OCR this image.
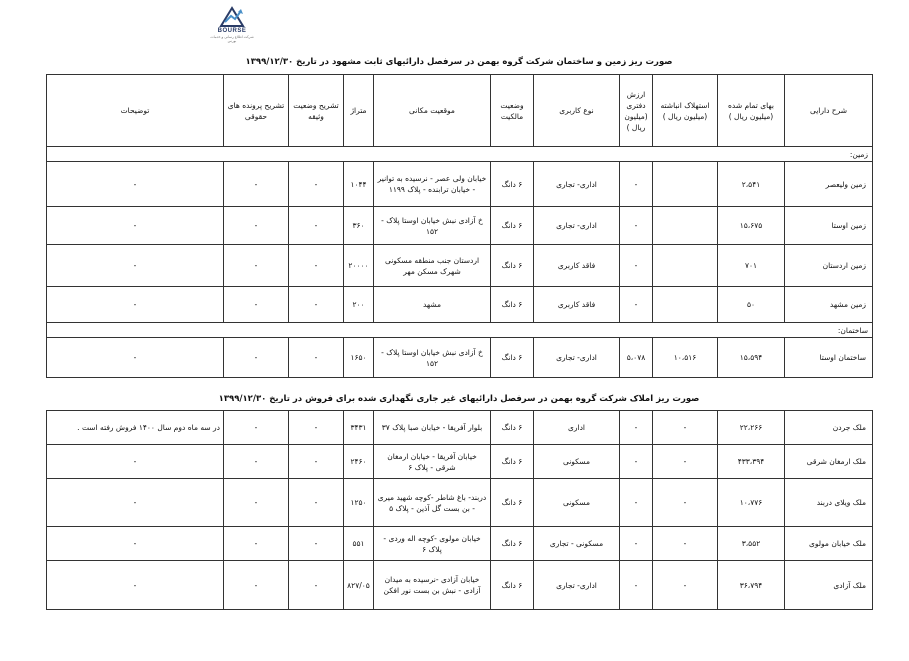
BOURSE
شرکت اطلاع رسانی و خدمات بورس
صورت ریز زمین و ساختمان شرکت گروه بهمن در سرفصل دارائیهای ثابت مشهود در تاریخ ۱۳۹۹/۱۲/۳۰
شرح دارایی	بهای تمام شده (میلیون ریال )	استهلاک انباشته (میلیون ریال )	ارزش دفتری (میلیون ریال )	نوع کاربری	وضعیت مالکیت	موقعیت مکانی	متراژ	تشریح وضعیت وثیقه	تشریح پرونده های حقوقی	توضیحات
زمین:										
زمین ولیعصر	۲،۵۴۱		-	اداری- تجاری	۶ دانگ	خیابان ولی عصر - نرسیده به توانیر - خیابان ترابنده - پلاک ۱۱۹۹	۱۰۴۴	-	-	-
زمین اوستا	۱۵،۶۷۵		-	اداری- تجاری	۶ دانگ	خ آزادی نبش خیابان اوستا پلاک - ۱۵۲	۳۶۰	-	-	-
زمین اردستان	۷۰۱		-	فاقد کاربری	۶ دانگ	اردستان جنب منطقه مسکونی شهرک مسکن مهر	۲۰۰۰۰	-	-	-
زمین مشهد	۵۰		-	فاقد کاربری	۶ دانگ	مشهد	۲۰۰	-	-	-
ساختمان:										
ساختمان اوستا	۱۵،۵۹۴	۱۰،۵۱۶	۵،۰۷۸	اداری- تجاری	۶ دانگ	خ آزادی نبش خیابان اوستا پلاک - ۱۵۲	۱۶۵۰	-	-	-
صورت ریز املاک شرکت گروه بهمن در سرفصل دارائیهای غیر جاری نگهداری شده برای فروش در تاریخ ۱۳۹۹/۱۲/۳۰
ملک جردن	۲۲،۲۶۶	-	-	اداری	۶ دانگ	بلوار آفریقا - خیابان صبا پلاک ۳۷	۳۴۳۱	-	-	در سه ماه دوم سال ۱۴۰۰ فروش رفته است .
ملک ارمغان شرقی	۴۳۳،۳۹۴	-	-	مسکونی	۶ دانگ	خیابان آفریقا - خیابان ارمغان شرقی - پلاک ۶	۲۴۶۰	-	-	-
ملک ویلای دربند	۱۰،۷۷۶	-	-	مسکونی	۶ دانگ	دربند- باغ شاطر -کوچه شهید میری - بن بست گل آذین - پلاک ۵	۱۲۵۰	-	-	-
ملک خیابان مولوی	۳،۵۵۲	-	-	مسکونی - تجاری	۶ دانگ	خیابان مولوی -کوچه اله وردی - پلاک ۶	۵۵۱	-	-	-
ملک آزادی	۳۶،۷۹۴	-	-	اداری- تجاری	۶ دانگ	خیابان آزادی -نرسیده به میدان آزادی - نبش بن بست نور افکن	۸۲۷/۰۵	-	-	-
